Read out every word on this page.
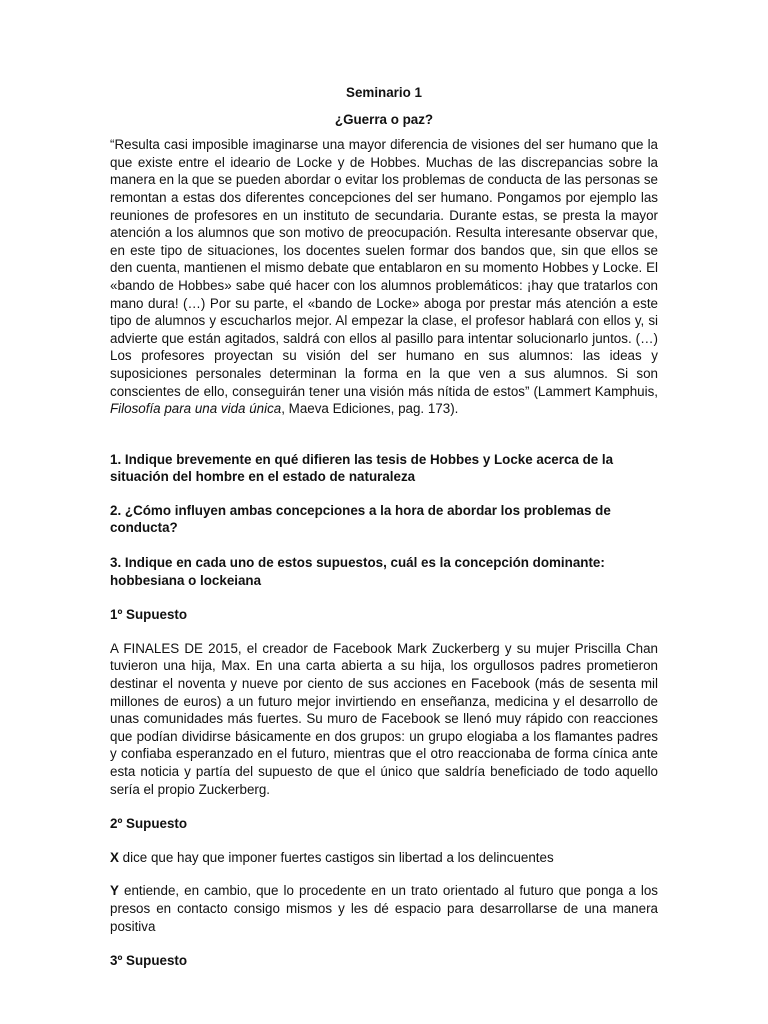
Seminario 1

¿Guerra o paz?

“Resulta casi imposible imaginarse una mayor diferencia de visiones del ser humano que la que existe entre el ideario de Locke y de Hobbes. Muchas de las discrepancias sobre la manera en la que se pueden abordar o evitar los problemas de conducta de las personas se remontan a estas dos diferentes concepciones del ser humano. Pongamos por ejemplo las reuniones de profesores en un instituto de secundaria. Durante estas, se presta la mayor atención a los alumnos que son motivo de preocupación. Resulta interesante observar que, en este tipo de situaciones, los docentes suelen formar dos bandos que, sin que ellos se den cuenta, mantienen el mismo debate que entablaron en su momento Hobbes y Locke. El «bando de Hobbes» sabe qué hacer con los alumnos problemáticos: ¡hay que tratarlos con mano dura! (…) Por su parte, el «bando de Locke» aboga por prestar más atención a este tipo de alumnos y escucharlos mejor. Al empezar la clase, el profesor hablará con ellos y, si advierte que están agitados, saldrá con ellos al pasillo para intentar solucionarlo juntos. (…) Los profesores proyectan su visión del ser humano en sus alumnos: las ideas y suposiciones personales determinan la forma en la que ven a sus alumnos. Si son conscientes de ello, conseguirán tener una visión más nítida de estos” (Lammert Kamphuis, Filosofía para una vida única, Maeva Ediciones, pag. 173).

1. Indique brevemente en qué difieren las tesis de Hobbes y Locke acerca de la situación del hombre en el estado de naturaleza

2. ¿Cómo influyen ambas concepciones a la hora de abordar los problemas de conducta?

3. Indique en cada uno de estos supuestos, cuál es la concepción dominante: hobbesiana o lockeiana

1º Supuesto

A FINALES DE 2015, el creador de Facebook Mark Zuckerberg y su mujer Priscilla Chan tuvieron una hija, Max. En una carta abierta a su hija, los orgullosos padres prometieron destinar el noventa y nueve por ciento de sus acciones en Facebook (más de sesenta mil millones de euros) a un futuro mejor invirtiendo en enseñanza, medicina y el desarrollo de unas comunidades más fuertes. Su muro de Facebook se llenó muy rápido con reacciones que podían dividirse básicamente en dos grupos: un grupo elogiaba a los flamantes padres y confiaba esperanzado en el futuro, mientras que el otro reaccionaba de forma cínica ante esta noticia y partía del supuesto de que el único que saldría beneficiado de todo aquello sería el propio Zuckerberg.

2º Supuesto

X dice que hay que imponer fuertes castigos sin libertad a los delincuentes

Y entiende, en cambio, que lo procedente en un trato orientado al futuro que ponga a los presos en contacto consigo mismos y les dé espacio para desarrollarse de una manera positiva

3º Supuesto
